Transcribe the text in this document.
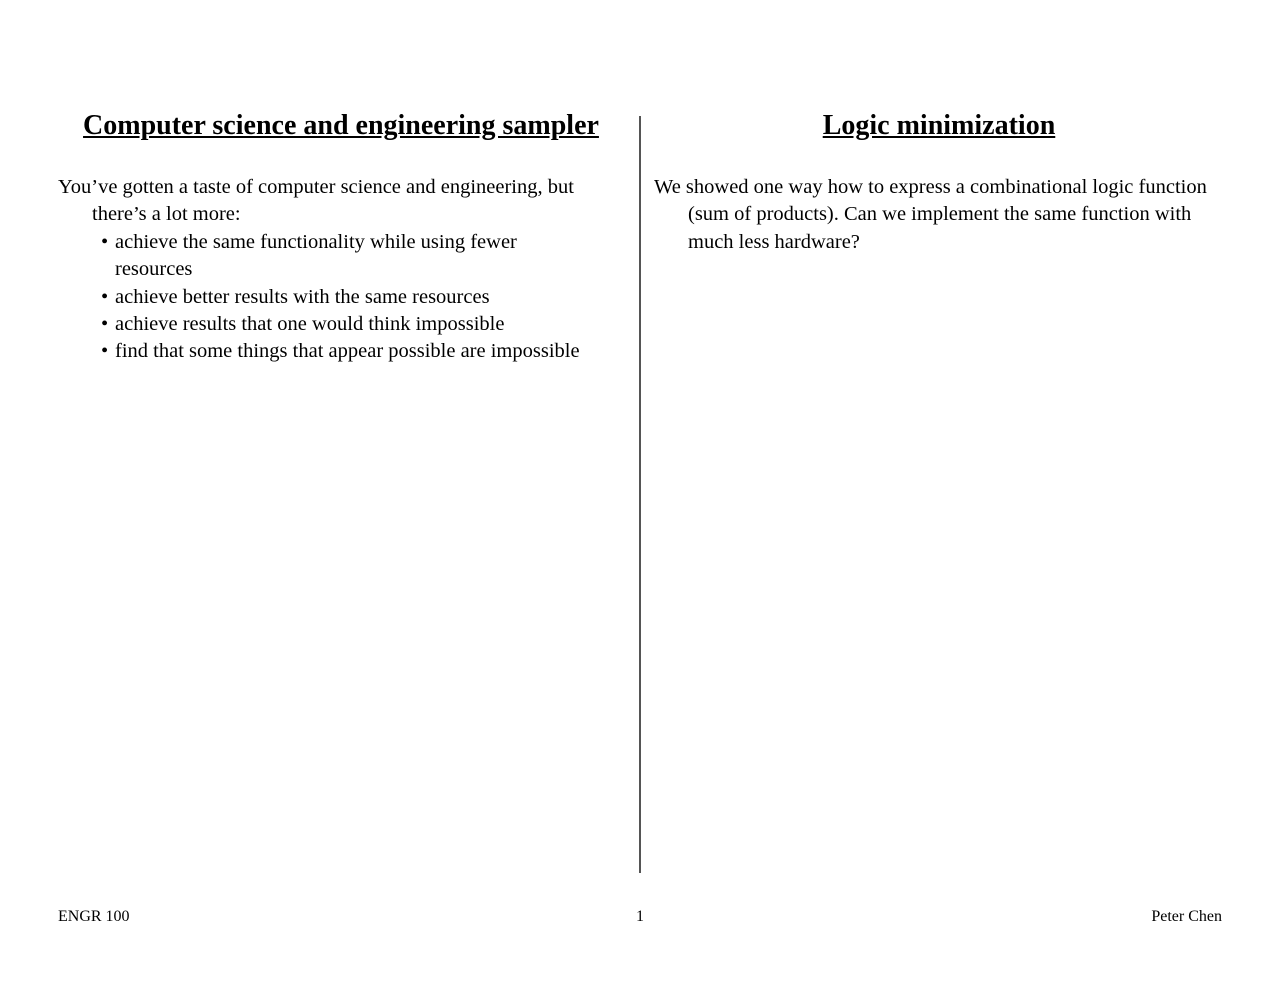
Computer science and engineering sampler

You’ve gotten a taste of computer science and engineering, but there’s a lot more:

• achieve the same functionality while using fewer resources
• achieve better results with the same resources
• achieve results that one would think impossible
• find that some things that appear possible are impossible
Logic minimization

We showed one way how to express a combinational logic function (sum of products). Can we implement the same function with much less hardware?

ENGR 100	1	Peter Chen
